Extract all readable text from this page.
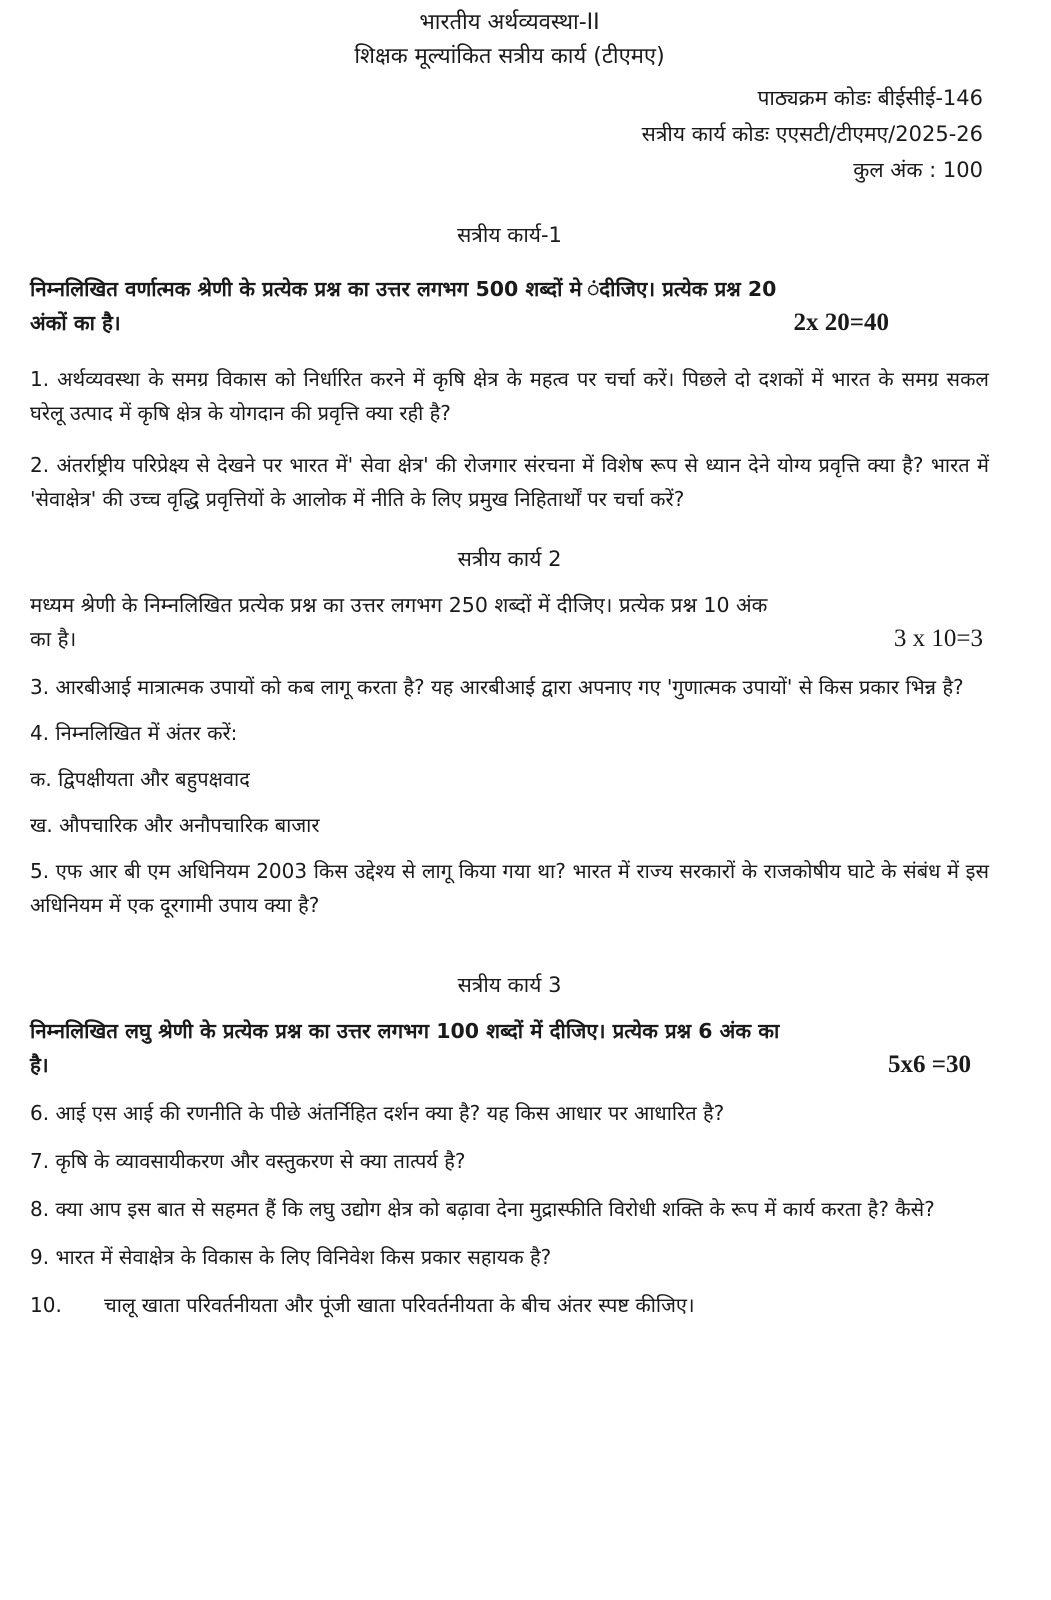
भारतीय अर्थव्यवस्था-II
शिक्षक मूल्यांकित सत्रीय कार्य (टीएमए)
पाठ्यक्रम कोडः बीईसीई-146
सत्रीय कार्य कोडः एएसटी/टीएमए/2025-26
कुल अंक : 100
सत्रीय कार्य-1
निम्नलिखित वर्णात्मक श्रेणी के प्रत्येक प्रश्न का उत्तर लगभग 500 शब्दों मे ंदीजिए। प्रत्येक प्रश्न 20
अंकों का है।	2x 20=40
1. अर्थव्यवस्था के समग्र विकास को निर्धारित करने में कृषि क्षेत्र के महत्व पर चर्चा करें। पिछले दो दशकों में भारत के समग्र सकल घरेलू उत्पाद में कृषि क्षेत्र के योगदान की प्रवृत्ति क्या रही है?
2. अंतर्राष्ट्रीय परिप्रेक्ष्य से देखने पर भारत में' सेवा क्षेत्र' की रोजगार संरचना में विशेष रूप से ध्यान देने योग्य प्रवृत्ति क्या है? भारत में 'सेवाक्षेत्र' की उच्च वृद्धि प्रवृत्तियों के आलोक में नीति के लिए प्रमुख निहितार्थों पर चर्चा करें?
सत्रीय कार्य 2
मध्यम श्रेणी के निम्नलिखित प्रत्येक प्रश्न का उत्तर लगभग 250 शब्दों में दीजिए। प्रत्येक प्रश्न 10 अंक
का है।	3 x 10=3
3. आरबीआई मात्रात्मक उपायों को कब लागू करता है? यह आरबीआई द्वारा अपनाए गए 'गुणात्मक उपायों' से किस प्रकार भिन्न है?
4. निम्नलिखित में अंतर करें:
क. द्विपक्षीयता और बहुपक्षवाद
ख. औपचारिक और अनौपचारिक बाजार
5. एफ आर बी एम अधिनियम 2003 किस उद्देश्य से लागू किया गया था? भारत में राज्य सरकारों के राजकोषीय घाटे के संबंध में इस अधिनियम में एक दूरगामी उपाय क्या है?
सत्रीय कार्य 3
निम्नलिखित लघु श्रेणी के प्रत्येक प्रश्न का उत्तर लगभग 100 शब्दों में दीजिए। प्रत्येक प्रश्न 6 अंक का
है।	5x6 =30
6. आई एस आई की रणनीति के पीछे अंतर्निहित दर्शन क्या है? यह किस आधार पर आधारित है?
7. कृषि के व्यावसायीकरण और वस्तुकरण से क्या तात्पर्य है?
8. क्या आप इस बात से सहमत हैं कि लघु उद्योग क्षेत्र को बढ़ावा देना मुद्रास्फीति विरोधी शक्ति के रूप में कार्य करता है? कैसे?
9. भारत में सेवाक्षेत्र के विकास के लिए विनिवेश किस प्रकार सहायक है?
10.	चालू खाता परिवर्तनीयता और पूंजी खाता परिवर्तनीयता के बीच अंतर स्पष्ट कीजिए।
